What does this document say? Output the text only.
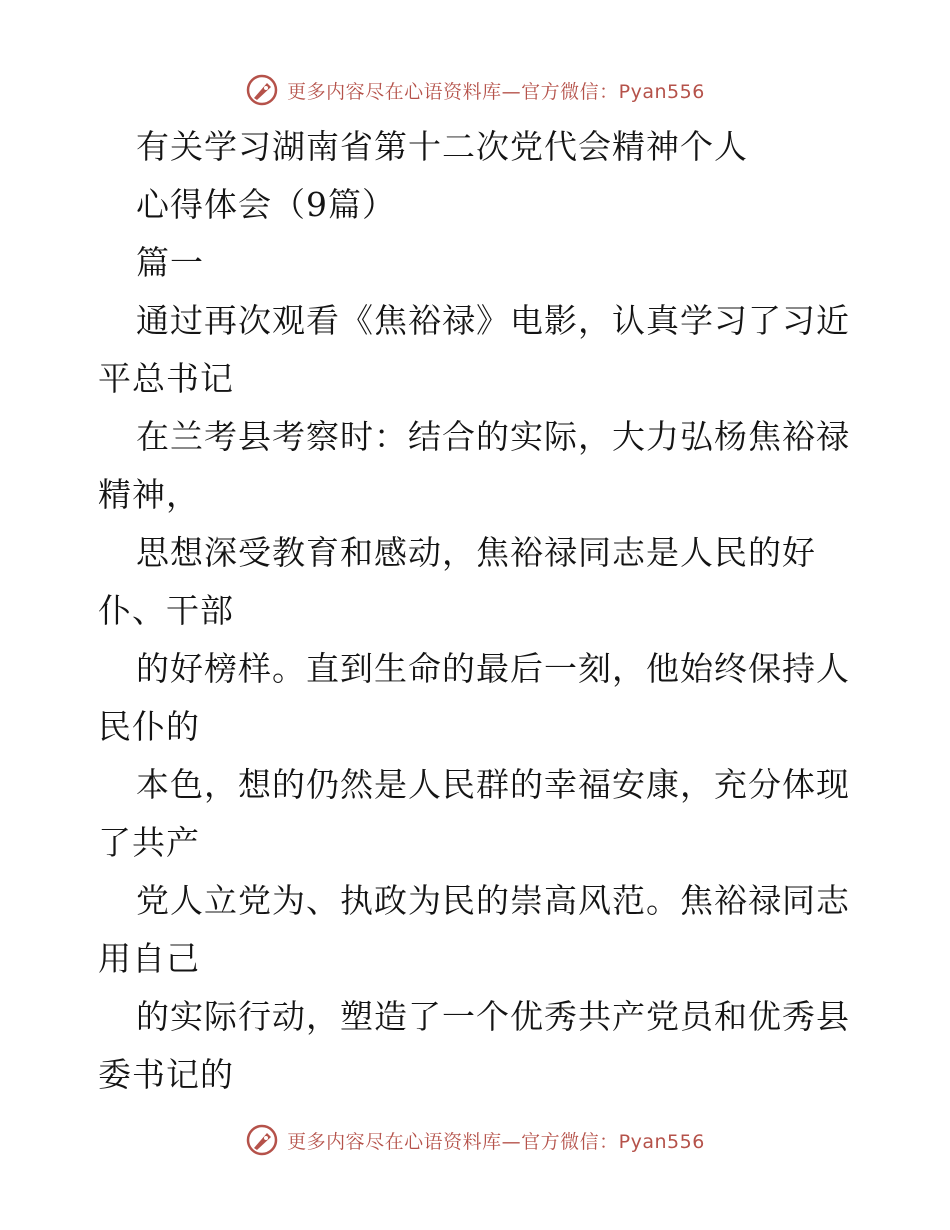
更多内容尽在心语资料库—官方微信：Pyan556
有关学习湖南省第十二次党代会精神个人
心得体会（9篇）
篇一
通过再次观看《焦裕禄》电影，认真学习了习近
平总书记
在兰考县考察时：结合的实际，大力弘杨焦裕禄
精神，
思想深受教育和感动，焦裕禄同志是人民的好
仆、干部
的好榜样。直到生命的最后一刻，他始终保持人
民仆的
本色，想的仍然是人民群的幸福安康，充分体现
了共产
党人立党为、执政为民的崇高风范。焦裕禄同志
用自己
的实际行动，塑造了一个优秀共产党员和优秀县
委书记的
更多内容尽在心语资料库—官方微信：Pyan556
